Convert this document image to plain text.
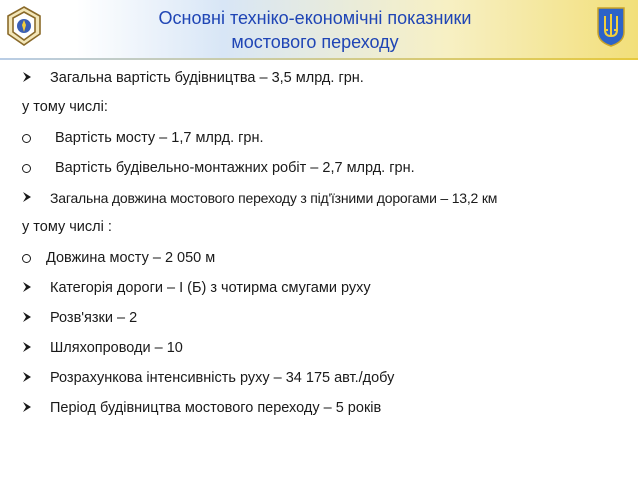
Основні техніко-економічні показники
мостового переходу
Загальна вартість будівництва – 3,5 млрд. грн.
у тому числі:
Вартість мосту – 1,7 млрд. грн.
Вартість будівельно-монтажних робіт – 2,7 млрд. грн.
Загальна довжина мостового переходу з під'їзними дорогами – 13,2 км
у тому числі :
Довжина мосту – 2 050 м
Категорія дороги – І (Б) з чотирма смугами руху
Розв'язки – 2
Шляхопроводи – 10
Розрахункова інтенсивність руху – 34 175 авт./добу
Період будівництва мостового переходу – 5 років
